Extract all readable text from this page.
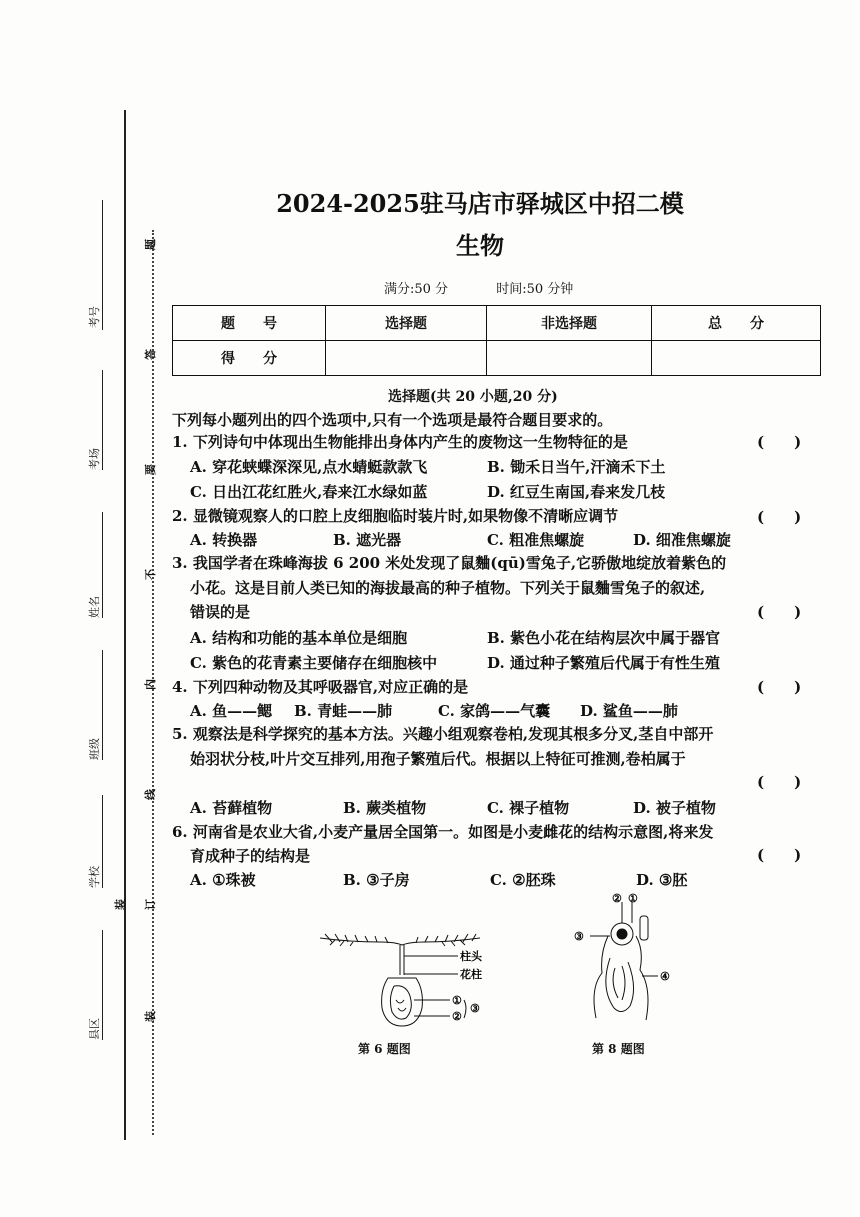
考号
考场
姓名
班级
学校
县区
题
答
要
不
内
线
订
装
装
2024-2025驻马店市驿城区中招二模
生物
满分:50 分	时间:50 分钟
题　　号	选择题	非选择题	总　　分
得　　分			
选择题(共 20 小题,20 分)
下列每小题列出的四个选项中,只有一个选项是最符合题目要求的。
1. 下列诗句中体现出生物能排出身体内产生的废物这一生物特征的是	(　　)
A. 穿花蛱蝶深深见,点水蜻蜓款款飞	B. 锄禾日当午,汗滴禾下土
C. 日出江花红胜火,春来江水绿如蓝	D. 红豆生南国,春来发几枝
2. 显微镜观察人的口腔上皮细胞临时装片时,如果物像不清晰应调节	(　　)
A. 转换器	B. 遮光器	C. 粗准焦螺旋	D. 细准焦螺旋
3. 我国学者在珠峰海拔 6 200 米处发现了鼠麯(qū)雪兔子,它骄傲地绽放着紫色的
小花。这是目前人类已知的海拔最高的种子植物。下列关于鼠麯雪兔子的叙述,
错误的是	(　　)
A. 结构和功能的基本单位是细胞	B. 紫色小花在结构层次中属于器官
C. 紫色的花青素主要储存在细胞核中	D. 通过种子繁殖后代属于有性生殖
4. 下列四种动物及其呼吸器官,对应正确的是	(　　)
A. 鱼——鳃 B. 青蛙——肺	C. 家鸽——气囊 D. 鲨鱼——肺
5. 观察法是科学探究的基本方法。兴趣小组观察卷柏,发现其根多分叉,茎自中部开
始羽状分枝,叶片交互排列,用孢子繁殖后代。根据以上特征可推测,卷柏属于
(　　)
A. 苔藓植物	B. 蕨类植物	C. 裸子植物	D. 被子植物
6. 河南省是农业大省,小麦产量居全国第一。如图是小麦雌花的结构示意图,将来发
育成种子的结构是	(　　)
A. ①珠被	B. ③子房	C. ②胚珠	D. ③胚
柱头
花柱
①
②
③
第 6 题图
② ①
③
④
第 8 题图
